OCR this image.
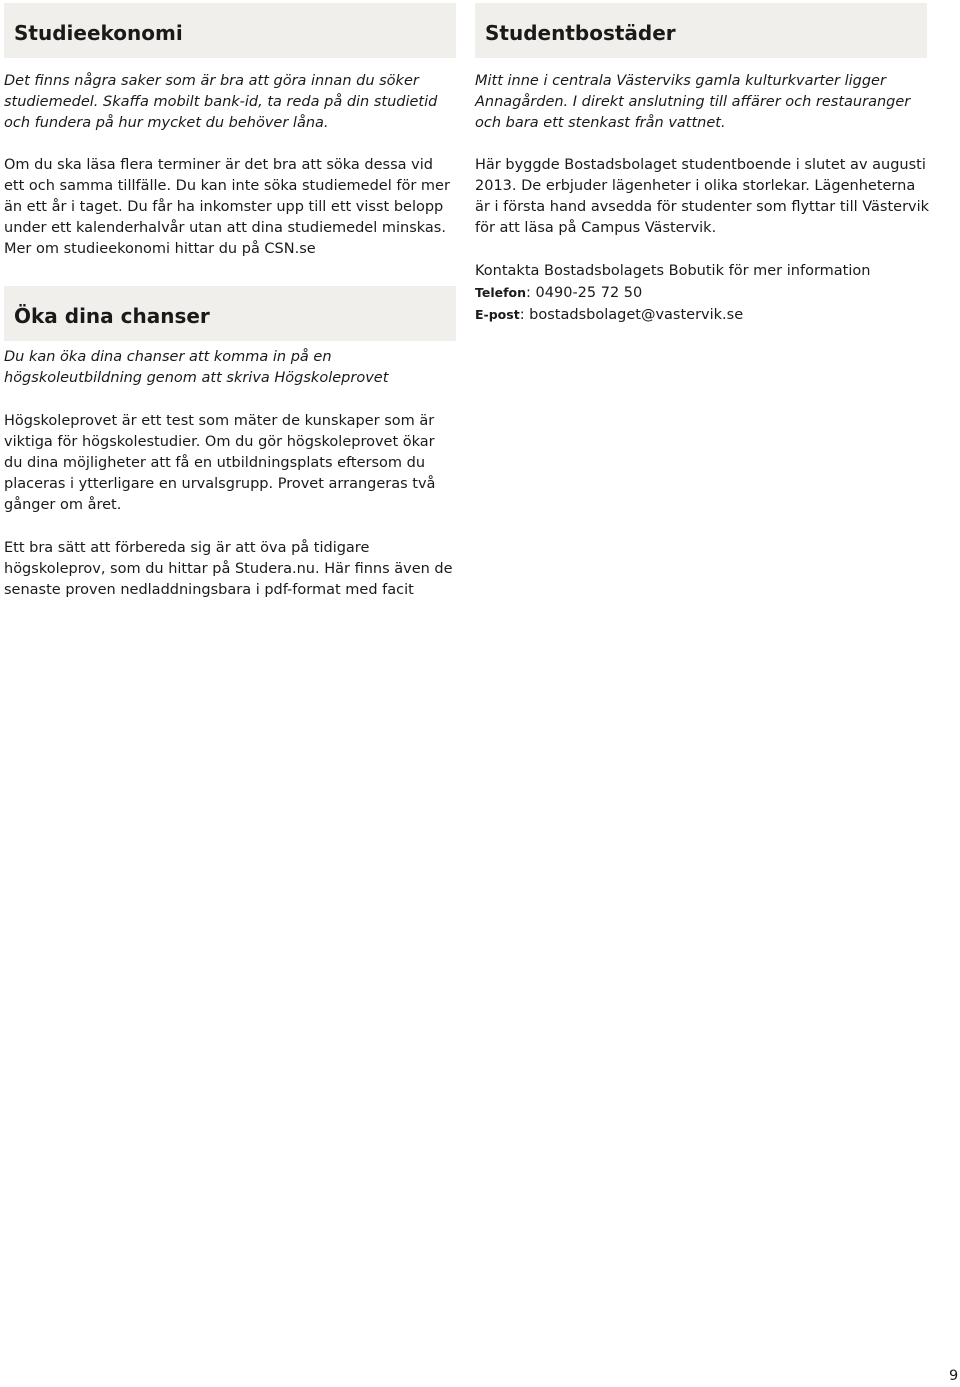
Studieekonomi

Det finns några saker som är bra att göra innan du söker
studiemedel. Skaffa mobilt bank-id, ta reda på din studietid
och fundera på hur mycket du behöver låna.

Om du ska läsa flera terminer är det bra att söka dessa vid
ett och samma tillfälle. Du kan inte söka studiemedel för mer
än ett år i taget. Du får ha inkomster upp till ett visst belopp
under ett kalenderhalvår utan att dina studiemedel minskas.
Mer om studieekonomi hittar du på CSN.se

Öka dina chanser

Du kan öka dina chanser att komma in på en
högskoleutbildning genom att skriva Högskoleprovet

Högskoleprovet är ett test som mäter de kunskaper som är
viktiga för högskolestudier. Om du gör högskoleprovet ökar
du dina möjligheter att få en utbildningsplats eftersom du
placeras i ytterligare en urvalsgrupp. Provet arrangeras två
gånger om året.

Ett bra sätt att förbereda sig är att öva på tidigare
högskoleprov, som du hittar på Studera.nu. Här finns även de
senaste proven nedladdningsbara i pdf-format med facit

Studentbostäder

Mitt inne i centrala Västerviks gamla kulturkvarter ligger
Annagården. I direkt anslutning till affärer och restauranger
och bara ett stenkast från vattnet.

Här byggde Bostadsbolaget studentboende i slutet av augusti
2013. De erbjuder lägenheter i olika storlekar. Lägenheterna
är i första hand avsedda för studenter som flyttar till Västervik
för att läsa på Campus Västervik.

Kontakta Bostadsbolagets Bobutik för mer information
Telefon: 0490-25 72 50
E-post: bostadsbolaget@vastervik.se

9
